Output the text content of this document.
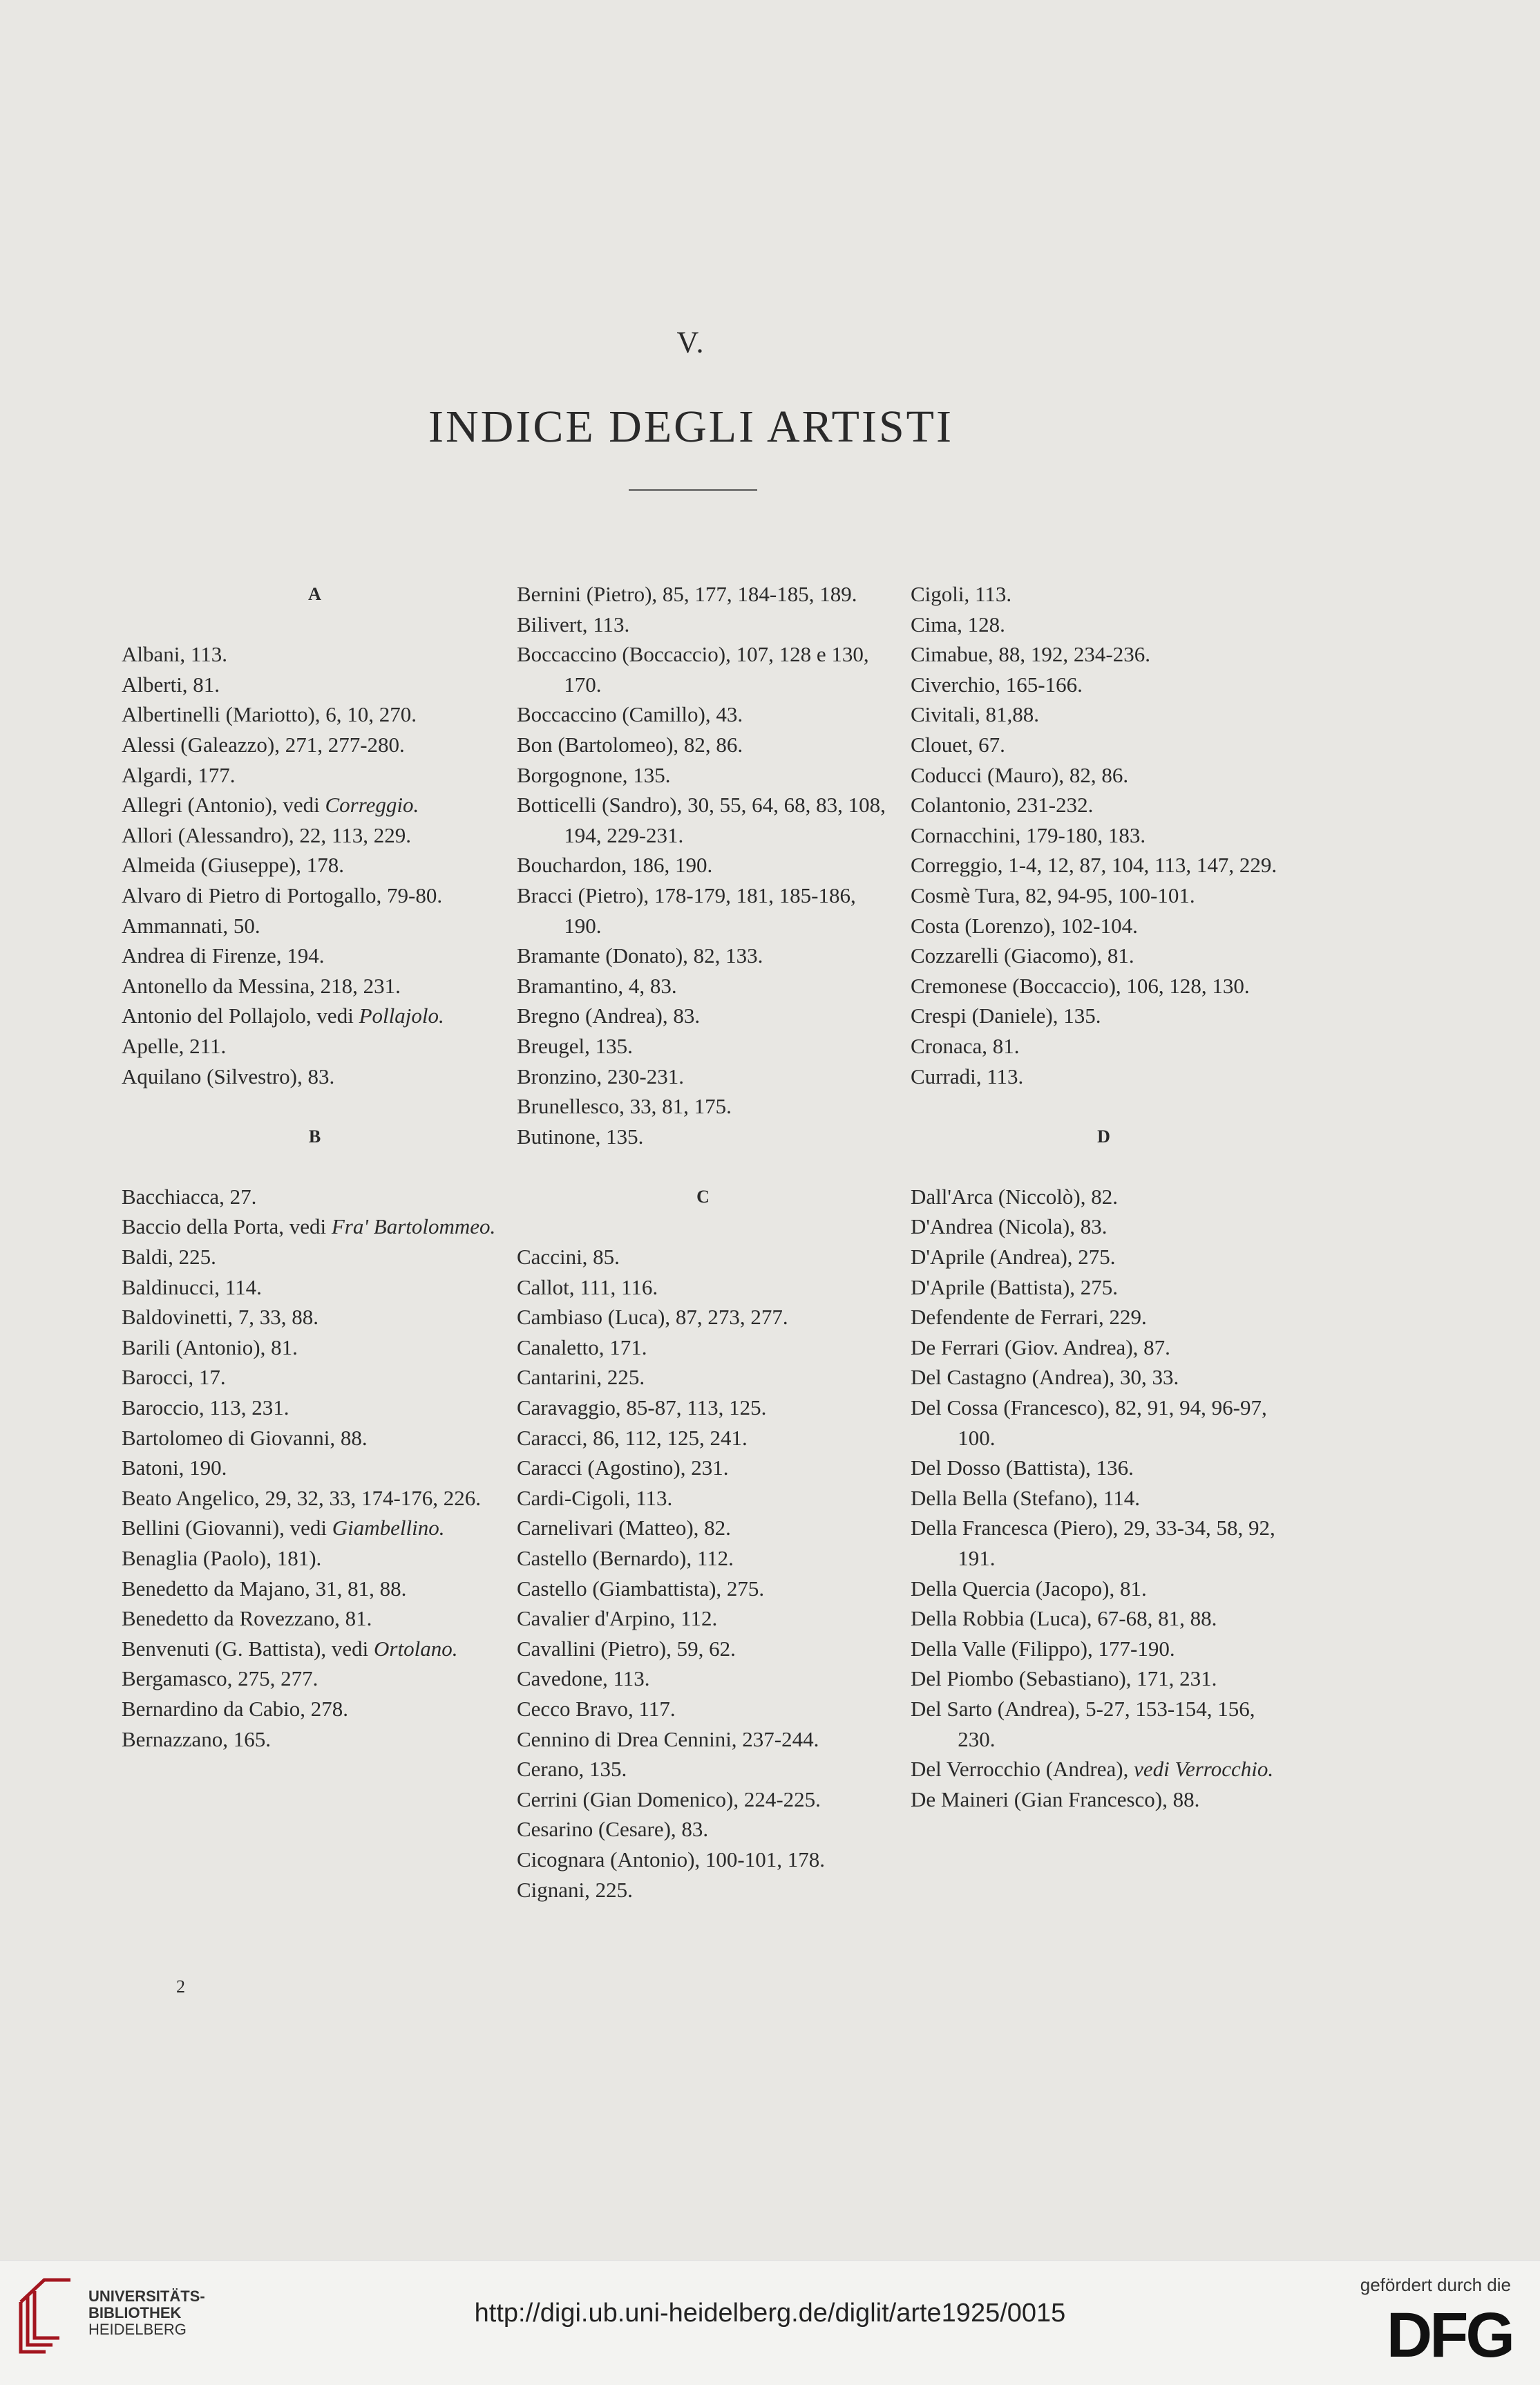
V.
INDICE DEGLI ARTISTI
A
Albani, 113.
Alberti, 81.
Albertinelli (Mariotto), 6, 10, 270.
Alessi (Galeazzo), 271, 277-280.
Algardi, 177.
Allegri (Antonio), vedi Correggio.
Allori (Alessandro), 22, 113, 229.
Almeida (Giuseppe), 178.
Alvaro di Pietro di Portogallo, 79-80.
Ammannati, 50.
Andrea di Firenze, 194.
Antonello da Messina, 218, 231.
Antonio del Pollajolo, vedi Pollajolo.
Apelle, 211.
Aquilano (Silvestro), 83.
B
Bacchiacca, 27.
Baccio della Porta, vedi Fra' Bartolommeo.
Baldi, 225.
Baldinucci, 114.
Baldovinetti, 7, 33, 88.
Barili (Antonio), 81.
Barocci, 17.
Baroccio, 113, 231.
Bartolomeo di Giovanni, 88.
Batoni, 190.
Beato Angelico, 29, 32, 33, 174-176, 226.
Bellini (Giovanni), vedi Giambellino.
Benaglia (Paolo), 181).
Benedetto da Majano, 31, 81, 88.
Benedetto da Rovezzano, 81.
Benvenuti (G. Battista), vedi Ortolano.
Bergamasco, 275, 277.
Bernardino da Cabio, 278.
Bernazzano, 165.
Bernini (Pietro), 85, 177, 184-185, 189.
Bilivert, 113.
Boccaccino (Boccaccio), 107, 128 e 130, 170.
Boccaccino (Camillo), 43.
Bon (Bartolomeo), 82, 86.
Borgognone, 135.
Botticelli (Sandro), 30, 55, 64, 68, 83, 108, 194, 229-231.
Bouchardon, 186, 190.
Bracci (Pietro), 178-179, 181, 185-186, 190.
Bramante (Donato), 82, 133.
Bramantino, 4, 83.
Bregno (Andrea), 83.
Breugel, 135.
Bronzino, 230-231.
Brunellesco, 33, 81, 175.
Butinone, 135.
C
Caccini, 85.
Callot, 111, 116.
Cambiaso (Luca), 87, 273, 277.
Canaletto, 171.
Cantarini, 225.
Caravaggio, 85-87, 113, 125.
Caracci, 86, 112, 125, 241.
Caracci (Agostino), 231.
Cardi-Cigoli, 113.
Carnelivari (Matteo), 82.
Castello (Bernardo), 112.
Castello (Giambattista), 275.
Cavalier d'Arpino, 112.
Cavallini (Pietro), 59, 62.
Cavedone, 113.
Cecco Bravo, 117.
Cennino di Drea Cennini, 237-244.
Cerano, 135.
Cerrini (Gian Domenico), 224-225.
Cesarino (Cesare), 83.
Cicognara (Antonio), 100-101, 178.
Cignani, 225.
Cigoli, 113.
Cima, 128.
Cimabue, 88, 192, 234-236.
Civerchio, 165-166.
Civitali, 81,88.
Clouet, 67.
Coducci (Mauro), 82, 86.
Colantonio, 231-232.
Cornacchini, 179-180, 183.
Correggio, 1-4, 12, 87, 104, 113, 147, 229.
Cosmè Tura, 82, 94-95, 100-101.
Costa (Lorenzo), 102-104.
Cozzarelli (Giacomo), 81.
Cremonese (Boccaccio), 106, 128, 130.
Crespi (Daniele), 135.
Cronaca, 81.
Curradi, 113.
D
Dall'Arca (Niccolò), 82.
D'Andrea (Nicola), 83.
D'Aprile (Andrea), 275.
D'Aprile (Battista), 275.
Defendente de Ferrari, 229.
De Ferrari (Giov. Andrea), 87.
Del Castagno (Andrea), 30, 33.
Del Cossa (Francesco), 82, 91, 94, 96-97, 100.
Del Dosso (Battista), 136.
Della Bella (Stefano), 114.
Della Francesca (Piero), 29, 33-34, 58, 92, 191.
Della Quercia (Jacopo), 81.
Della Robbia (Luca), 67-68, 81, 88.
Della Valle (Filippo), 177-190.
Del Piombo (Sebastiano), 171, 231.
Del Sarto (Andrea), 5-27, 153-154, 156, 230.
Del Verrocchio (Andrea), vedi Verrocchio.
De Maineri (Gian Francesco), 88.
2
UNIVERSITÄTS-
BIBLIOTHEK
HEIDELBERG
http://digi.ub.uni-heidelberg.de/diglit/arte1925/0015
gefördert durch die
DFG
